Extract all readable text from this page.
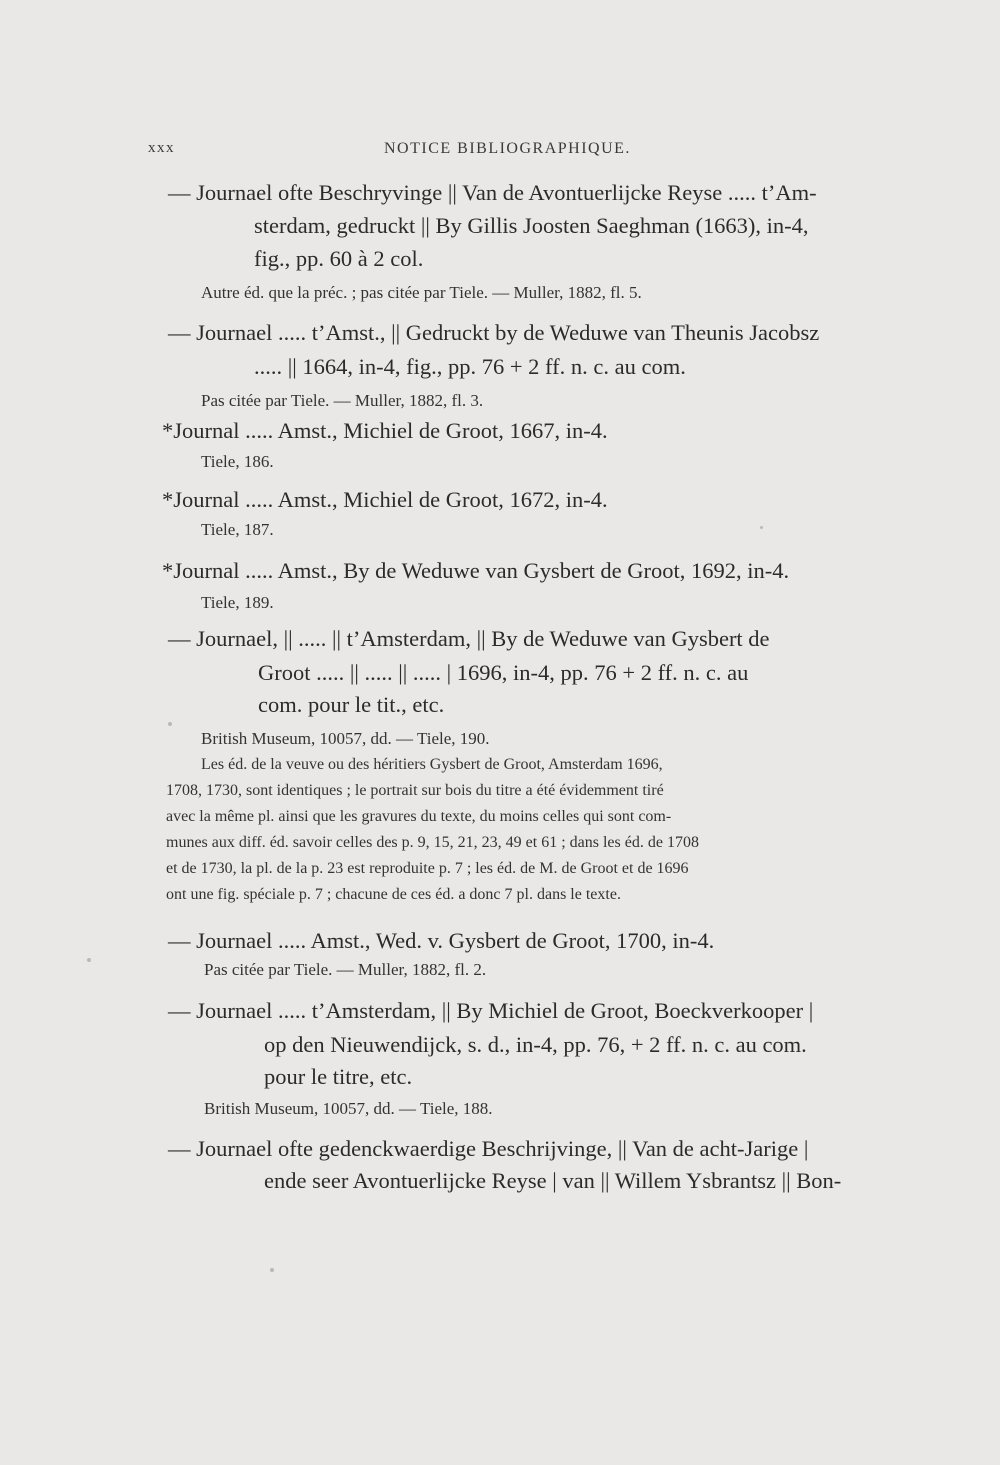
xxx	NOTICE BIBLIOGRAPHIQUE.
— Journael ofte Beschryvinge || Van de Avontuerlijcke Reyse ..... t’Am-
sterdam, gedruckt || By Gillis Joosten Saeghman (1663), in-4,
fig., pp. 60 à 2 col.
Autre éd. que la préc. ; pas citée par Tiele. — Muller, 1882, fl. 5.
— Journael ..... t’Amst., || Gedruckt by de Weduwe van Theunis Jacobsz
..... || 1664, in-4, fig., pp. 76 + 2 ff. n. c. au com.
Pas citée par Tiele. — Muller, 1882, fl. 3.
*Journal ..... Amst., Michiel de Groot, 1667, in-4.
Tiele, 186.
*Journal ..... Amst., Michiel de Groot, 1672, in-4.
Tiele, 187.
*Journal ..... Amst., By de Weduwe van Gysbert de Groot, 1692, in-4.
Tiele, 189.
— Journael, || ..... || t’Amsterdam, || By de Weduwe van Gysbert de
Groot ..... || ..... || ..... | 1696, in-4, pp. 76 + 2 ff. n. c. au
com. pour le tit., etc.
British Museum, 10057, dd. — Tiele, 190.
Les éd. de la veuve ou des héritiers Gysbert de Groot, Amsterdam 1696,
1708, 1730, sont identiques ; le portrait sur bois du titre a été évidemment tiré
avec la même pl. ainsi que les gravures du texte, du moins celles qui sont com-
munes aux diff. éd. savoir celles des p. 9, 15, 21, 23, 49 et 61 ; dans les éd. de 1708
et de 1730, la pl. de la p. 23 est reproduite p. 7 ; les éd. de M. de Groot et de 1696
ont une fig. spéciale p. 7 ; chacune de ces éd. a donc 7 pl. dans le texte.
— Journael ..... Amst., Wed. v. Gysbert de Groot, 1700, in-4.
Pas citée par Tiele. — Muller, 1882, fl. 2.
— Journael ..... t’Amsterdam, || By Michiel de Groot, Boeckverkooper |
op den Nieuwendijck, s. d., in-4, pp. 76, + 2 ff. n. c. au com.
pour le titre, etc.
British Museum, 10057, dd. — Tiele, 188.
— Journael ofte gedenckwaerdige Beschrijvinge, || Van de acht-Jarige |
ende seer Avontuerlijcke Reyse | van || Willem Ysbrantsz || Bon-
